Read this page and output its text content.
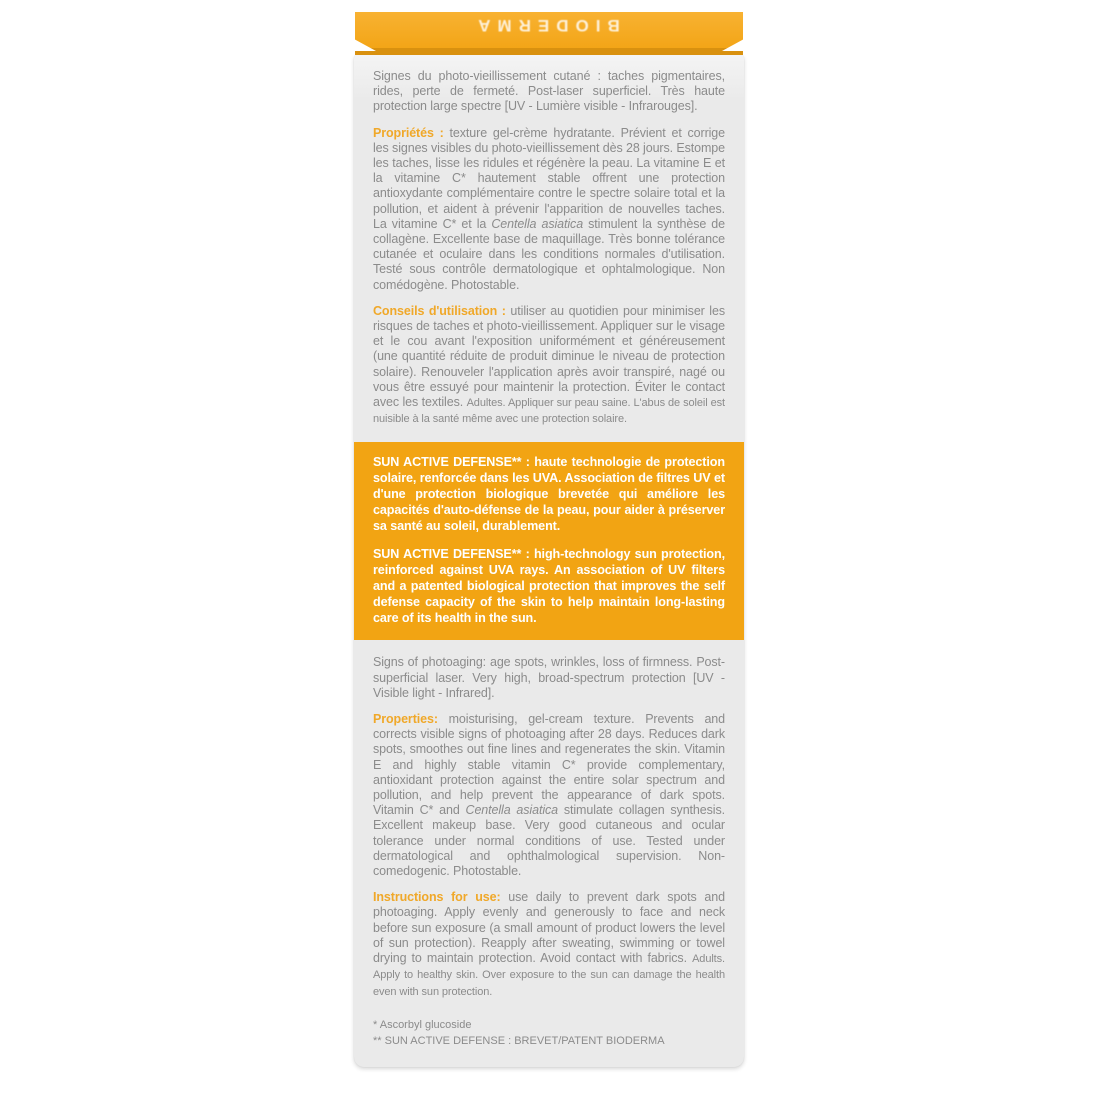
BIODERMA

Signes du photo-vieillissement cutané : taches pigmentaires, rides, perte de fermeté. Post-laser superficiel. Très haute protection large spectre [UV - Lumière visible - Infrarouges].

Propriétés : texture gel-crème hydratante. Prévient et corrige les signes visibles du photo-vieillissement dès 28 jours. Estompe les taches, lisse les ridules et régénère la peau. La vitamine E et la vitamine C* hautement stable offrent une protection antioxydante complémentaire contre le spectre solaire total et la pollution, et aident à prévenir l'apparition de nouvelles taches. La vitamine C* et la Centella asiatica stimulent la synthèse de collagène. Excellente base de maquillage. Très bonne tolérance cutanée et oculaire dans les conditions normales d'utilisation. Testé sous contrôle dermatologique et ophtalmologique. Non comédogène. Photostable.

Conseils d'utilisation : utiliser au quotidien pour minimiser les risques de taches et photo-vieillissement. Appliquer sur le visage et le cou avant l'exposition uniformément et généreusement (une quantité réduite de produit diminue le niveau de protection solaire). Renouveler l'application après avoir transpiré, nagé ou vous être essuyé pour maintenir la protection. Éviter le contact avec les textiles. Adultes. Appliquer sur peau saine. L'abus de soleil est nuisible à la santé même avec une protection solaire.

SUN ACTIVE DEFENSE** : haute technologie de protection solaire, renforcée dans les UVA. Association de filtres UV et d'une protection biologique brevetée qui améliore les capacités d'auto-défense de la peau, pour aider à préserver sa santé au soleil, durablement.

SUN ACTIVE DEFENSE** : high-technology sun protection, reinforced against UVA rays. An association of UV filters and a patented biological protection that improves the self defense capacity of the skin to help maintain long-lasting care of its health in the sun.

Signs of photoaging: age spots, wrinkles, loss of firmness. Post-superficial laser. Very high, broad-spectrum protection [UV - Visible light - Infrared].

Properties: moisturising, gel-cream texture. Prevents and corrects visible signs of photoaging after 28 days. Reduces dark spots, smoothes out fine lines and regenerates the skin. Vitamin E and highly stable vitamin C* provide complementary, antioxidant protection against the entire solar spectrum and pollution, and help prevent the appearance of dark spots. Vitamin C* and Centella asiatica stimulate collagen synthesis. Excellent makeup base. Very good cutaneous and ocular tolerance under normal conditions of use. Tested under dermatological and ophthalmological supervision. Non-comedogenic. Photostable.

Instructions for use: use daily to prevent dark spots and photoaging. Apply evenly and generously to face and neck before sun exposure (a small amount of product lowers the level of sun protection). Reapply after sweating, swimming or towel drying to maintain protection. Avoid contact with fabrics. Adults. Apply to healthy skin. Over exposure to the sun can damage the health even with sun protection.

* Ascorbyl glucoside
** SUN ACTIVE DEFENSE : BREVET/PATENT BIODERMA
